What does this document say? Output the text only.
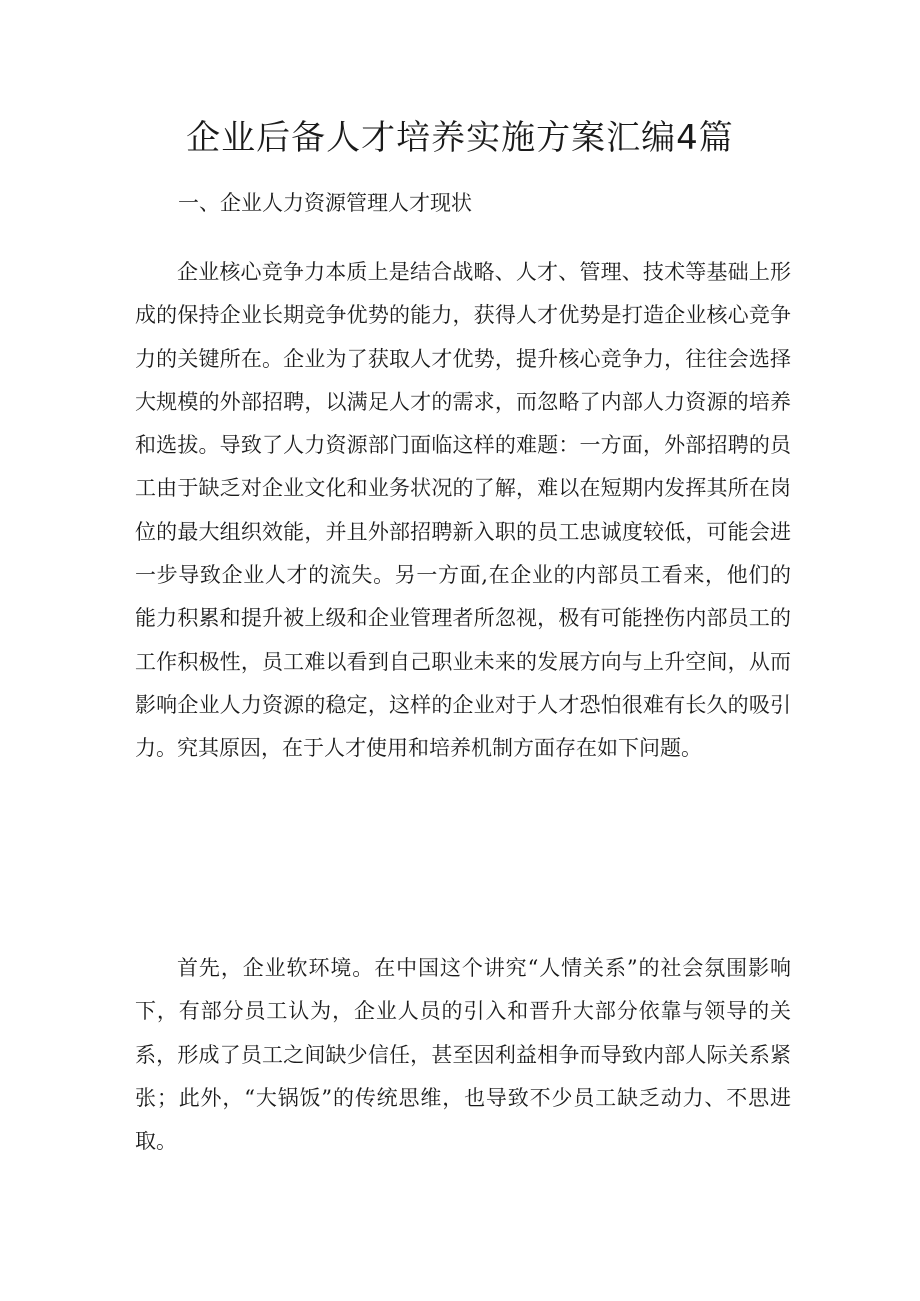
企业后备人才培养实施方案汇编4篇
一、企业人力资源管理人才现状

企业核心竞争力本质上是结合战略、人才、管理、技术等基础上形成的保持企业长期竞争优势的能力，获得人才优势是打造企业核心竞争力的关键所在。企业为了获取人才优势，提升核心竞争力，往往会选择大规模的外部招聘，以满足人才的需求，而忽略了内部人力资源的培养和选拔。导致了人力资源部门面临这样的难题：一方面，外部招聘的员工由于缺乏对企业文化和业务状况的了解，难以在短期内发挥其所在岗位的最大组织效能，并且外部招聘新入职的员工忠诚度较低，可能会进一步导致企业人才的流失。另一方面,在企业的内部员工看来，他们的能力积累和提升被上级和企业管理者所忽视，极有可能挫伤内部员工的工作积极性，员工难以看到自己职业未来的发展方向与上升空间，从而影响企业人力资源的稳定，这样的企业对于人才恐怕很难有长久的吸引力。究其原因，在于人才使用和培养机制方面存在如下问题。

首先，企业软环境。在中国这个讲究“人情关系”的社会氛围影响下，有部分员工认为，企业人员的引入和晋升大部分依靠与领导的关系，形成了员工之间缺少信任，甚至因利益相争而导致内部人际关系紧张；此外，“大锅饭”的传统思维，也导致不少员工缺乏动力、不思进取。
